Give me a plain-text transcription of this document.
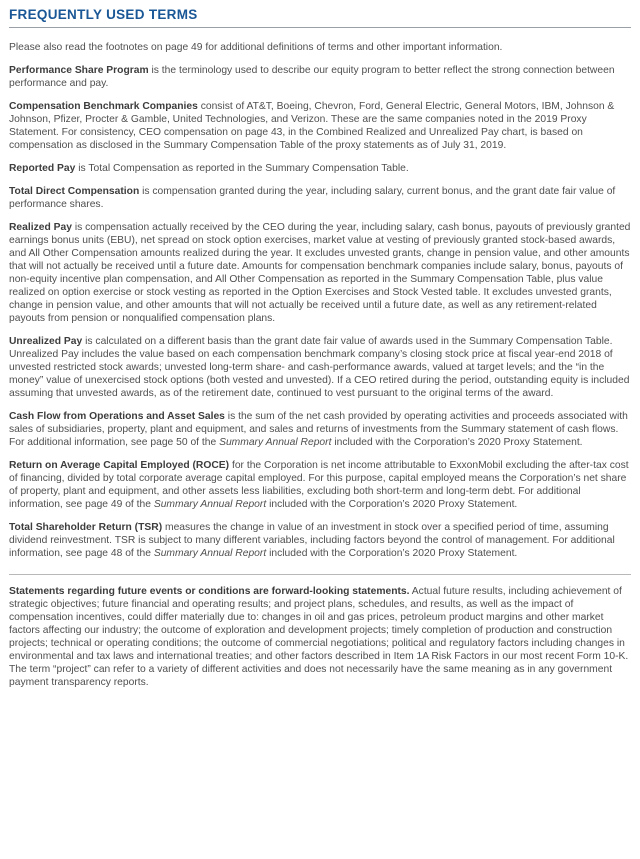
FREQUENTLY USED TERMS

Please also read the footnotes on page 49 for additional definitions of terms and other important information.

Performance Share Program is the terminology used to describe our equity program to better reflect the strong connection between performance and pay.

Compensation Benchmark Companies consist of AT&T, Boeing, Chevron, Ford, General Electric, General Motors, IBM, Johnson & Johnson, Pfizer, Procter & Gamble, United Technologies, and Verizon. These are the same companies noted in the 2019 Proxy Statement. For consistency, CEO compensation on page 43, in the Combined Realized and Unrealized Pay chart, is based on compensation as disclosed in the Summary Compensation Table of the proxy statements as of July 31, 2019.

Reported Pay is Total Compensation as reported in the Summary Compensation Table.

Total Direct Compensation is compensation granted during the year, including salary, current bonus, and the grant date fair value of performance shares.

Realized Pay is compensation actually received by the CEO during the year, including salary, cash bonus, payouts of previously granted earnings bonus units (EBU), net spread on stock option exercises, market value at vesting of previously granted stock-based awards, and All Other Compensation amounts realized during the year. It excludes unvested grants, change in pension value, and other amounts that will not actually be received until a future date. Amounts for compensation benchmark companies include salary, bonus, payouts of non-equity incentive plan compensation, and All Other Compensation as reported in the Summary Compensation Table, plus value realized on option exercise or stock vesting as reported in the Option Exercises and Stock Vested table. It excludes unvested grants, change in pension value, and other amounts that will not actually be received until a future date, as well as any retirement-related payouts from pension or nonqualified compensation plans.

Unrealized Pay is calculated on a different basis than the grant date fair value of awards used in the Summary Compensation Table. Unrealized Pay includes the value based on each compensation benchmark company’s closing stock price at fiscal year-end 2018 of unvested restricted stock awards; unvested long-term share- and cash-performance awards, valued at target levels; and the “in the money” value of unexercised stock options (both vested and unvested). If a CEO retired during the period, outstanding equity is included assuming that unvested awards, as of the retirement date, continued to vest pursuant to the original terms of the award.

Cash Flow from Operations and Asset Sales is the sum of the net cash provided by operating activities and proceeds associated with sales of subsidiaries, property, plant and equipment, and sales and returns of investments from the Summary statement of cash flows. For additional information, see page 50 of the Summary Annual Report included with the Corporation’s 2020 Proxy Statement.

Return on Average Capital Employed (ROCE) for the Corporation is net income attributable to ExxonMobil excluding the after-tax cost of financing, divided by total corporate average capital employed. For this purpose, capital employed means the Corporation’s net share of property, plant and equipment, and other assets less liabilities, excluding both short-term and long-term debt. For additional information, see page 49 of the Summary Annual Report included with the Corporation’s 2020 Proxy Statement.

Total Shareholder Return (TSR) measures the change in value of an investment in stock over a specified period of time, assuming dividend reinvestment. TSR is subject to many different variables, including factors beyond the control of management. For additional information, see page 48 of the Summary Annual Report included with the Corporation’s 2020 Proxy Statement.

Statements regarding future events or conditions are forward-looking statements. Actual future results, including achievement of strategic objectives; future financial and operating results; and project plans, schedules, and results, as well as the impact of compensation incentives, could differ materially due to: changes in oil and gas prices, petroleum product margins and other market factors affecting our industry; the outcome of exploration and development projects; timely completion of production and construction projects; technical or operating conditions; the outcome of commercial negotiations; political and regulatory factors including changes in environmental and tax laws and international treaties; and other factors described in Item 1A Risk Factors in our most recent Form 10-K. The term “project” can refer to a variety of different activities and does not necessarily have the same meaning as in any government payment transparency reports.
